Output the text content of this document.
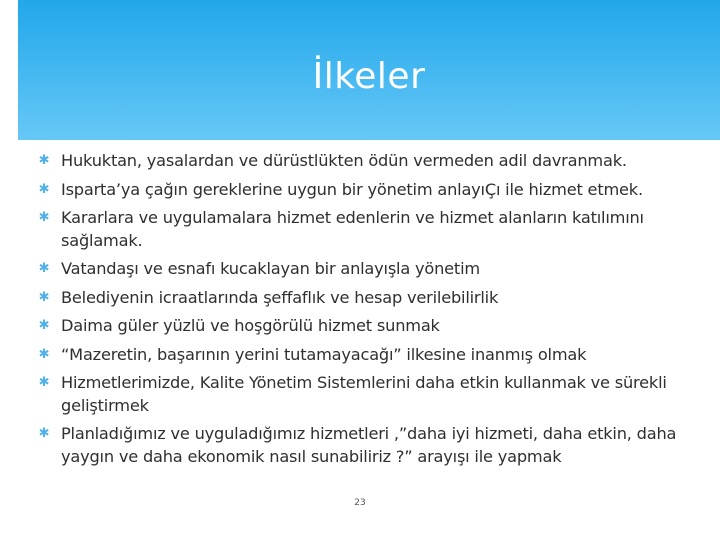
İlkeler
✱ Hukuktan, yasalardan ve dürüstlükten ödün vermeden adil davranmak.
✱ Isparta’ya çağın gereklerine uygun bir yönetim anlayıÇı ile hizmet etmek.
✱ Kararlara ve uygulamalara hizmet edenlerin ve hizmet alanların katılımını sağlamak.
✱ Vatandaşı ve esnafı kucaklayan bir anlayışla yönetim
✱ Belediyenin icraatlarında şeffaflık ve hesap verilebilirlik
✱ Daima güler yüzlü ve hoşgörülü hizmet sunmak
✱ “Mazeretin, başarının yerini tutamayacağı” ilkesine inanmış olmak
✱ Hizmetlerimizde, Kalite Yönetim Sistemlerini daha etkin kullanmak ve sürekli geliştirmek
✱ Planladığımız ve uyguladığımız hizmetleri ,”daha iyi hizmeti, daha etkin, daha yaygın ve daha ekonomik nasıl sunabiliriz ?” arayışı ile yapmak
23
